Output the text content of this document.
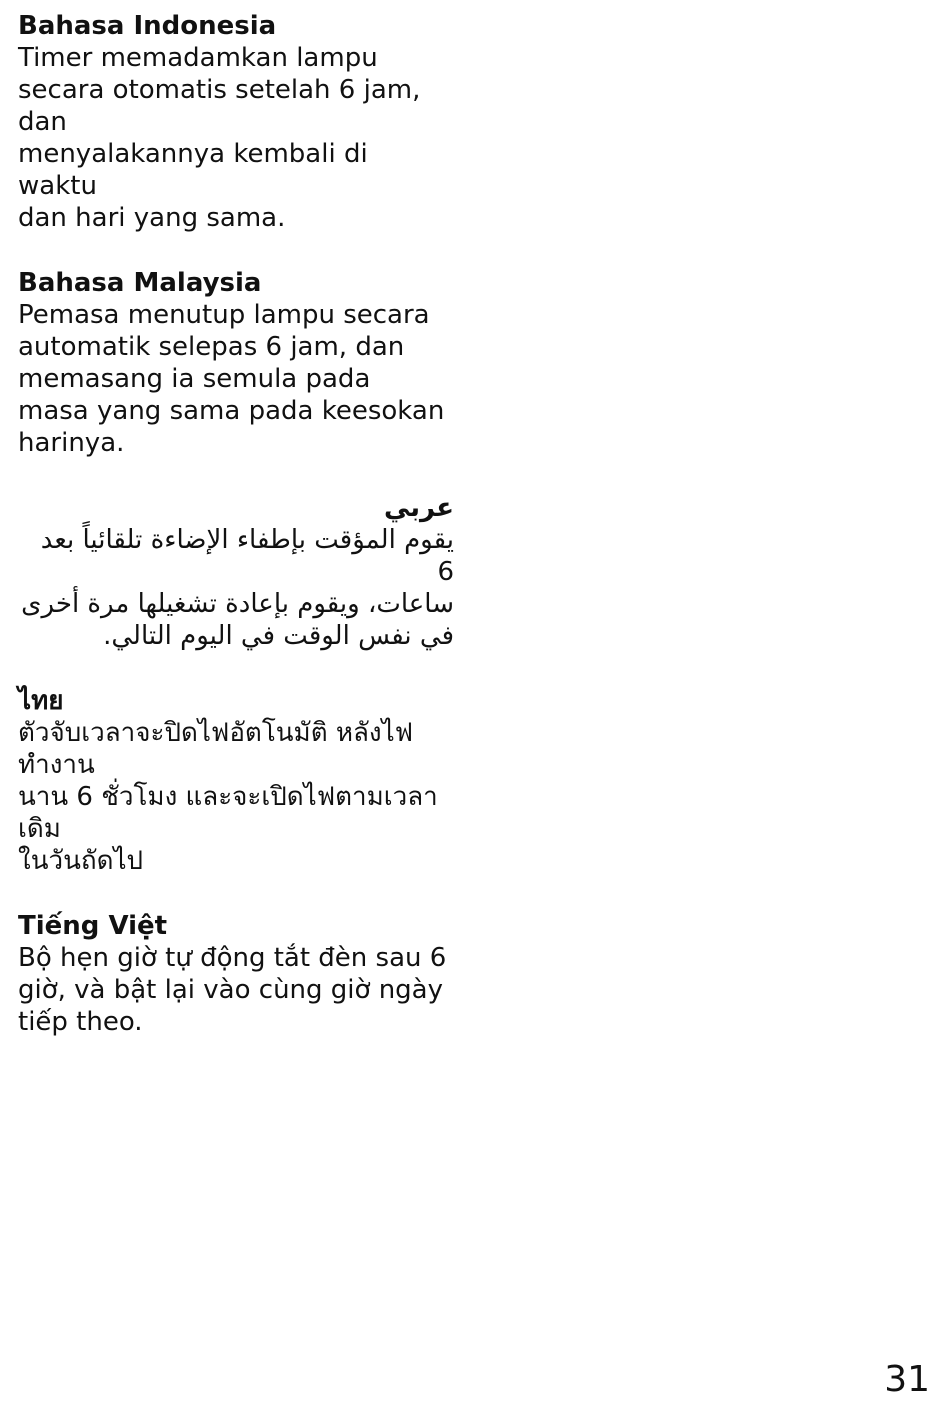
Bahasa Indonesia
Timer memadamkan lampu
secara otomatis setelah 6 jam, dan
menyalakannya kembali di waktu
dan hari yang sama.
Bahasa Malaysia
Pemasa menutup lampu secara
automatik selepas 6 jam, dan
memasang ia semula pada
masa yang sama pada keesokan
harinya.
عربي
يقوم المؤقت بإطفاء الإضاءة تلقائياً بعد 6
ساعات، ويقوم بإعادة تشغيلها مرة أخرى
في نفس الوقت في اليوم التالي.
ไทย
ตัวจับเวลาจะปิดไฟอัตโนมัติ หลังไฟทำงาน
นาน 6 ชั่วโมง และจะเปิดไฟตามเวลาเดิม
ในวันถัดไป
Tiếng Việt
Bộ hẹn giờ tự động tắt đèn sau 6
giờ, và bật lại vào cùng giờ ngày
tiếp theo.
31
